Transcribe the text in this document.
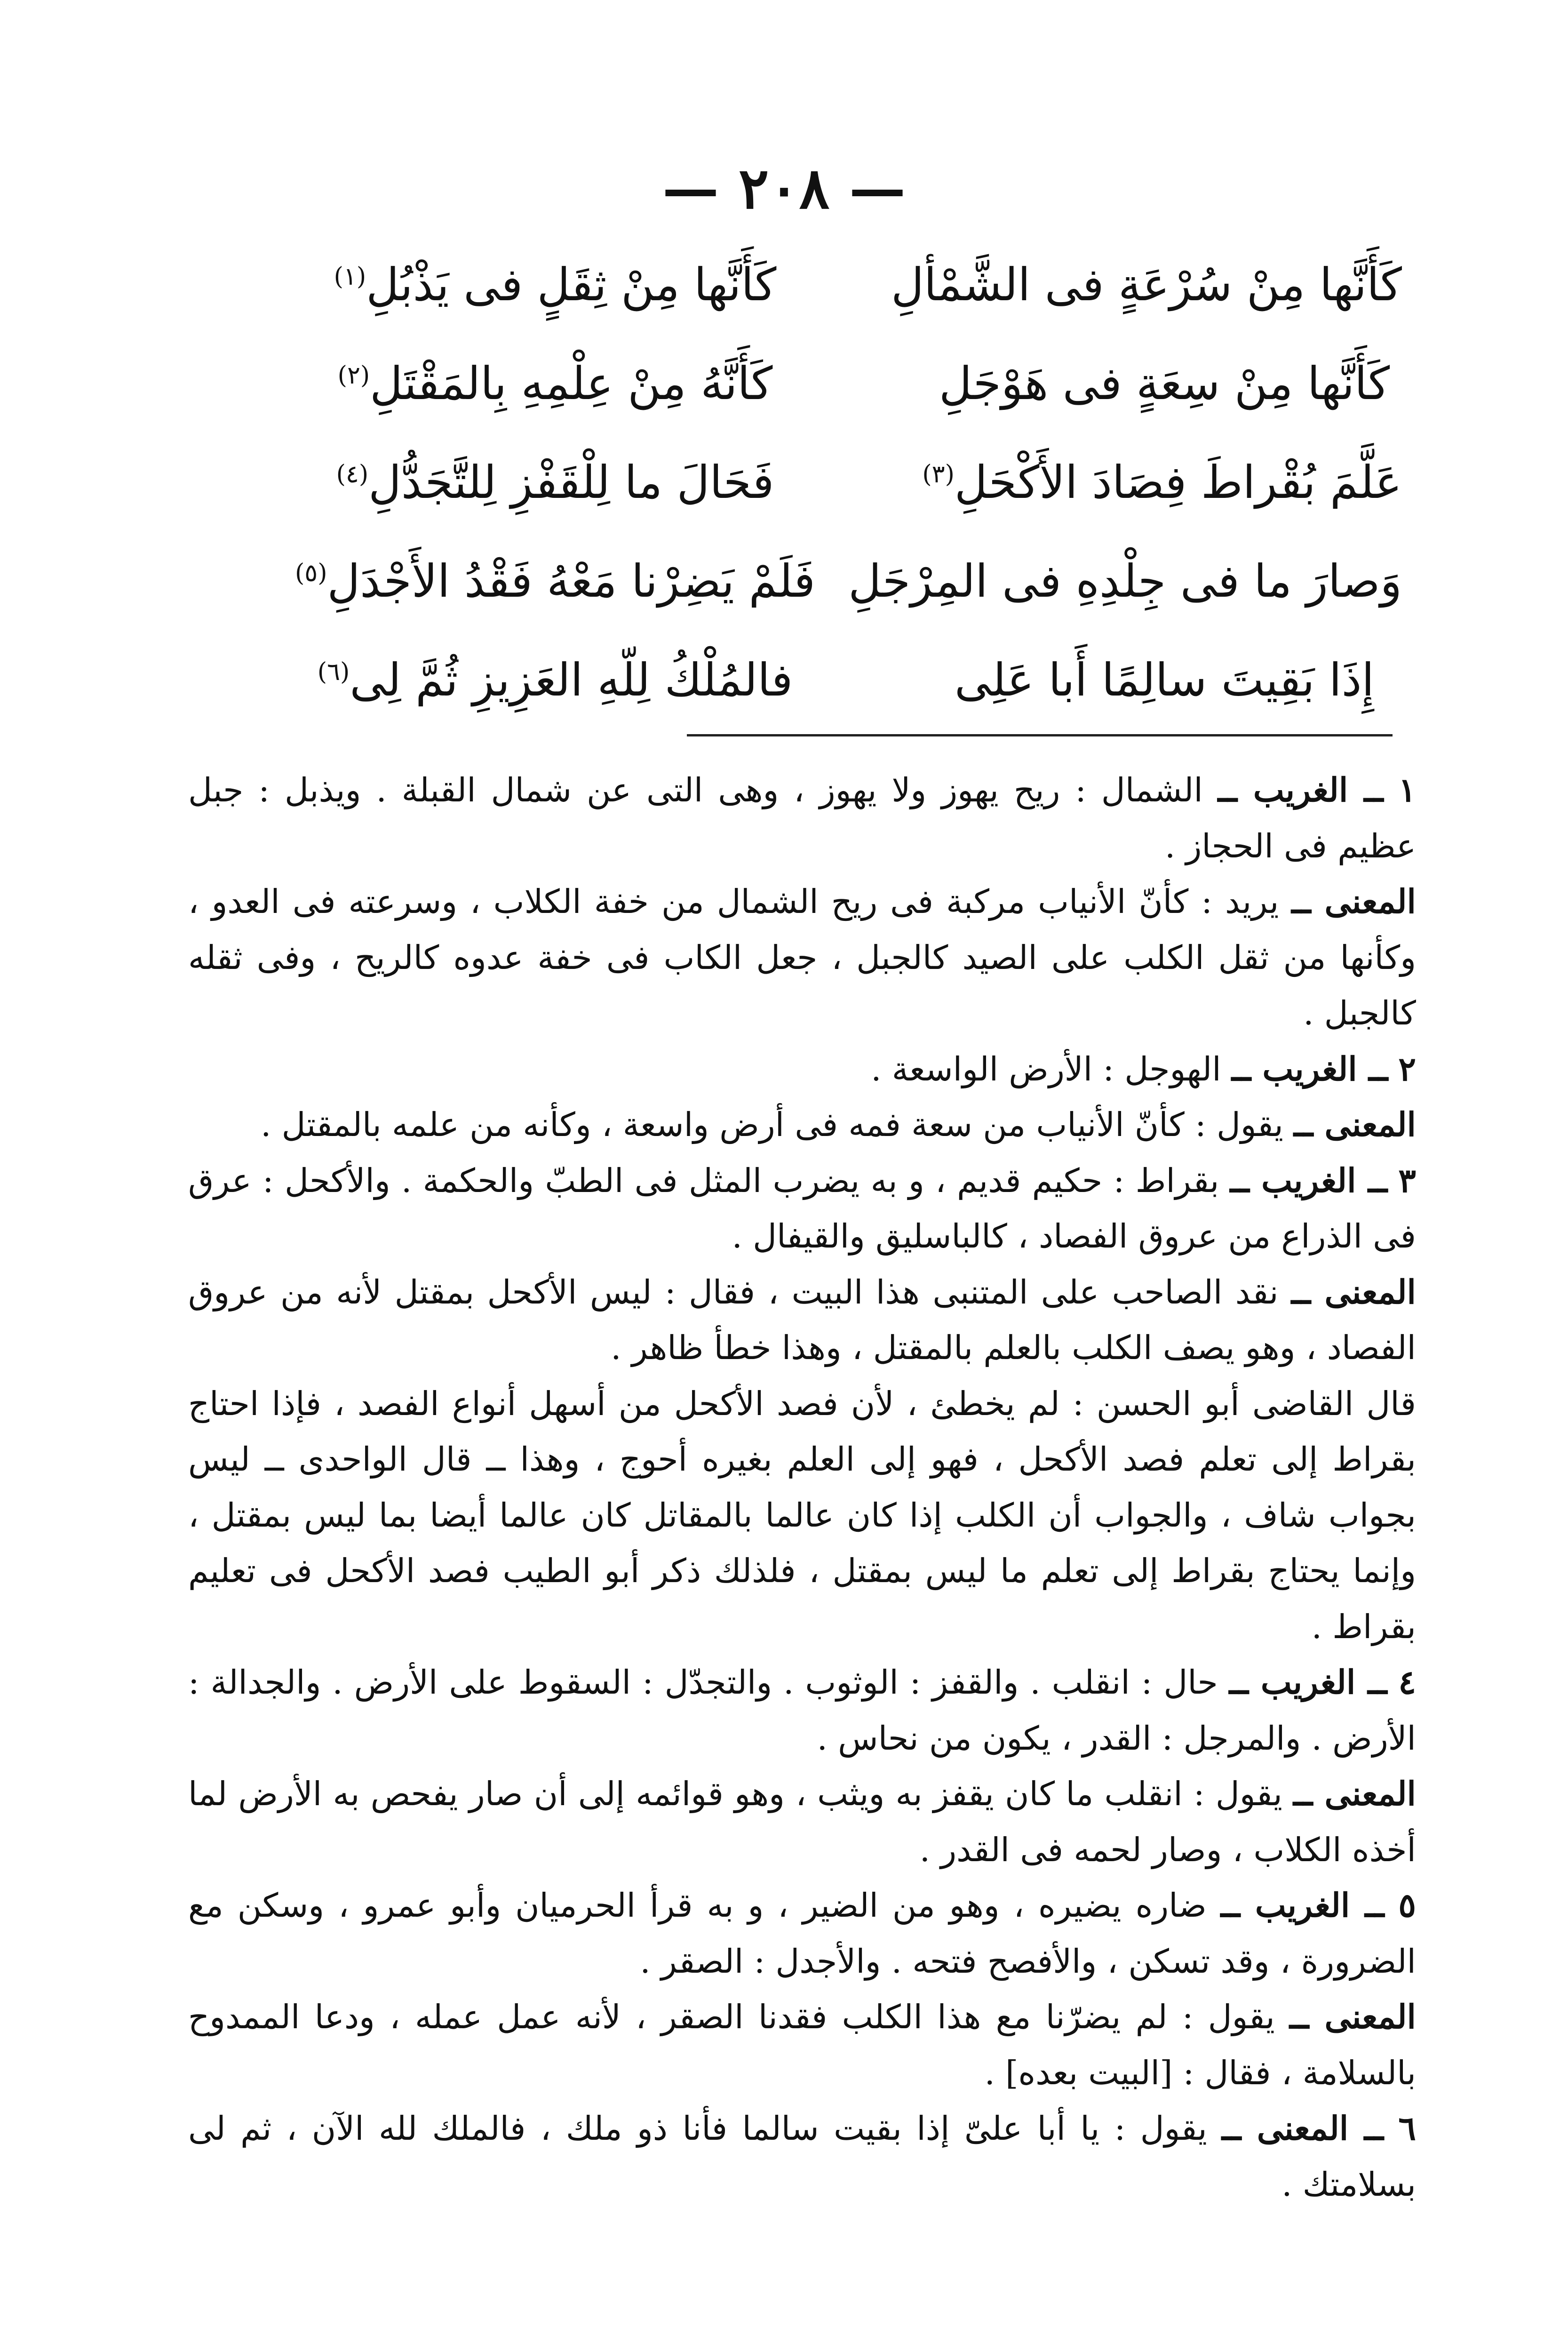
— ٢٠٨ —
كَأَنَّها مِنْ سُرْعَةٍ فى الشَّمْألِ
كَأَنَّها مِنْ ثِقَلٍ فى يَذْبُلِ$^{(١)}$
كَأَنَّها مِنْ سِعَةٍ فى هَوْجَلِ
كَأَنَّهُ مِنْ عِلْمِهِ بِالمَقْتَلِ$^{(٢)}$
عَلَّمَ بُقْراطَ فِصَادَ الأَكْحَلِ$^{(٣)}$
فَحَالَ ما لِلْقَفْزِ لِلتَّجَدُّلِ$^{(٤)}$
وَصارَ ما فى جِلْدِهِ فى المِرْجَلِ
فَلَمْ يَضِرْنا مَعْهُ فَقْدُ الأَجْدَلِ$^{(٥)}$
إِذَا بَقِيتَ سالِمًا أَبا عَلِى
فالمُلْكُ لِلّهِ العَزِيزِ ثُمَّ لِى$^{(٦)}$

١ ــ الغريب ــ الشمال : ريح يهوز ولا يهوز ، وهى التى عن شمال القبلة . ويذبل : جبل عظيم فى الحجاز .

المعنى ــ يريد : كأنّ الأنياب مركبة فى ريح الشمال من خفة الكلاب ، وسرعته فى العدو ، وكأنها من ثقل الكلب على الصيد كالجبل ، جعل الكاب فى خفة عدوه كالريح ، وفى ثقله كالجبل .

٢ ــ الغريب ــ الهوجل : الأرض الواسعة .

المعنى ــ يقول : كأنّ الأنياب من سعة فمه فى أرض واسعة ، وكأنه من علمه بالمقتل .

٣ ــ الغريب ــ بقراط : حكيم قديم ، و به يضرب المثل فى الطبّ والحكمة . والأكحل : عرق فى الذراع من عروق الفصاد ، كالباسليق والقيفال .

المعنى ــ نقد الصاحب على المتنبى هذا البيت ، فقال : ليس الأكحل بمقتل لأنه من عروق الفصاد ، وهو يصف الكلب بالعلم بالمقتل ، وهذا خطأ ظاهر .

قال القاضى أبو الحسن : لم يخطئ ، لأن فصد الأكحل من أسهل أنواع الفصد ، فإذا احتاج بقراط إلى تعلم فصد الأكحل ، فهو إلى العلم بغيره أحوج ، وهذا ــ قال الواحدى ــ ليس بجواب شاف ، والجواب أن الكلب إذا كان عالما بالمقاتل كان عالما أيضا بما ليس بمقتل ، وإنما يحتاج بقراط إلى تعلم ما ليس بمقتل ، فلذلك ذكر أبو الطيب فصد الأكحل فى تعليم بقراط .

٤ ــ الغريب ــ حال : انقلب . والقفز : الوثوب . والتجدّل : السقوط على الأرض . والجدالة : الأرض . والمرجل : القدر ، يكون من نحاس .

المعنى ــ يقول : انقلب ما كان يقفز به ويثب ، وهو قوائمه إلى أن صار يفحص به الأرض لما أخذه الكلاب ، وصار لحمه فى القدر .

٥ ــ الغريب ــ ضاره يضيره ، وهو من الضير ، و به قرأ الحرميان وأبو عمرو ، وسكن مع الضرورة ، وقد تسكن ، والأفصح فتحه . والأجدل : الصقر .

المعنى ــ يقول : لم يضرّنا مع هذا الكلب فقدنا الصقر ، لأنه عمل عمله ، ودعا الممدوح بالسلامة ، فقال : [البيت بعده] .

٦ ــ المعنى ــ يقول : يا أبا علىّ إذا بقيت سالما فأنا ذو ملك ، فالملك لله الآن ، ثم لى بسلامتك .
